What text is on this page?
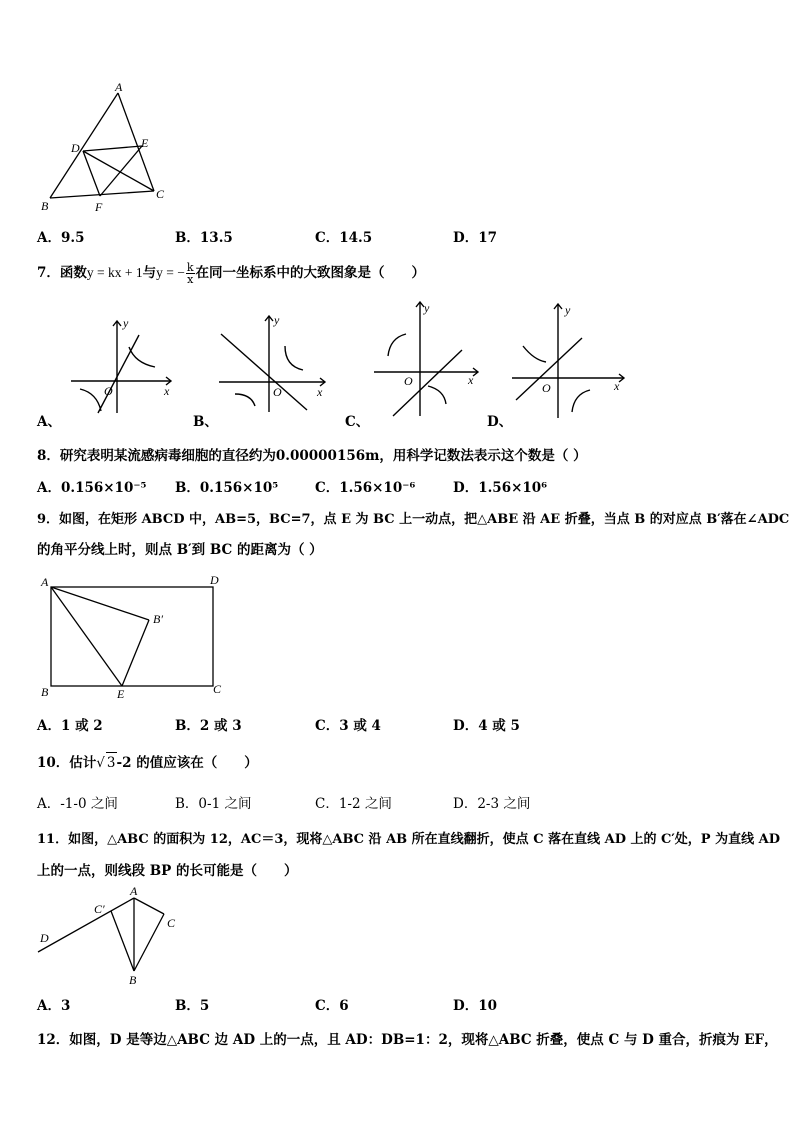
A
B
C
D	E
F
A．9.5	B．13.5	C．14.5	D．17
7．函数y = kx + 1与y = − $\frac{k}{x}$ 在同一坐标系中的大致图象是（　　）
y
x
O
A、
y
x
O
B、
y
x
O
C、
y
x
O
D、
8．研究表明某流感病毒细胞的直径约为0.00000156m，用科学记数法表示这个数是（ ）
A．0.156×10⁻⁵ B．0.156×10⁵	C．1.56×10⁻⁶	D．1.56×10⁶
9．如图，在矩形 ABCD 中，AB=5，BC=7，点 E 为 BC 上一动点，把△ABE 沿 AE 折叠，当点 B 的对应点 B′落在∠ADC
的角平分线上时，则点 B′到 BC 的距离为（ ）
A	D
B	C
E
B′
A．1 或 2	B．2 或 3	C．3 或 4	D．4 或 5
10．估计√ 3-2 的值应该在（　　）
A．-1-0 之间	B．0-1 之间	C．1-2 之间	D．2-3 之间
11．如图，△ABC 的面积为 12，AC＝3，现将△ABC 沿 AB 所在直线翻折，使点 C 落在直线 AD 上的 C′处，P 为直线 AD
上的一点，则线段 BP 的长可能是（　　）
A
C′
C
D
B
A．3	B．5	C．6	D．10
12．如图，D 是等边△ABC 边 AD 上的一点，且 AD：DB=1：2，现将△ABC 折叠，使点 C 与 D 重合，折痕为 EF，
